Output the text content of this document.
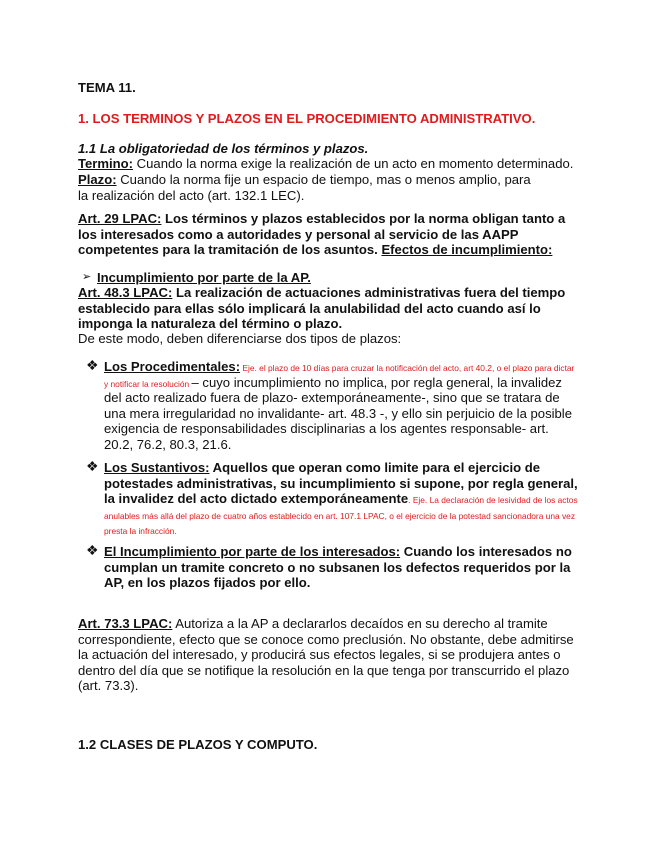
TEMA 11.
1. LOS TERMINOS Y PLAZOS EN EL PROCEDIMIENTO ADMINISTRATIVO.
1.1 La obligatoriedad de los términos y plazos.
Termino: Cuando la norma exige la realización de un acto en momento determinado.
Plazo: Cuando la norma fije un espacio de tiempo, mas o menos amplio, para la realización del acto (art. 132.1 LEC).
Art. 29 LPAC: Los términos y plazos establecidos por la norma obligan tanto a los interesados como a autoridades y personal al servicio de las AAPP competentes para la tramitación de los asuntos. Efectos de incumplimiento:
➢ Incumplimiento por parte de la AP.
Art. 48.3 LPAC: La realización de actuaciones administrativas fuera del tiempo establecido para ellas sólo implicará la anulabilidad del acto cuando así lo imponga la naturaleza del término o plazo.
De este modo, deben diferenciarse dos tipos de plazos:
❖ Los Procedimentales: Eje. el plazo de 10 días para cruzar la notificación del acto, art 40.2, o el plazo para dictar y notificar la resolución – cuyo incumplimiento no implica, por regla general, la invalidez del acto realizado fuera de plazo- extemporáneamente-, sino que se tratara de una mera irregularidad no invalidante- art. 48.3 -, y ello sin perjuicio de la posible exigencia de responsabilidades disciplinarias a los agentes responsable- art. 20.2, 76.2, 80.3, 21.6.
❖ Los Sustantivos: Aquellos que operan como limite para el ejercicio de potestades administrativas, su incumplimiento si supone, por regla general, la invalidez del acto dictado extemporáneamente. Eje. La declaración de lesividad de los actos anulables más allá del plazo de cuatro años establecido en art. 107.1 LPAC, o el ejercicio de la potestad sancionadora una vez presta la infracción.
❖ El Incumplimiento por parte de los interesados: Cuando los interesados no cumplan un tramite concreto o no subsanen los defectos requeridos por la AP, en los plazos fijados por ello.
Art. 73.3 LPAC: Autoriza a la AP a declararlos decaídos en su derecho al tramite correspondiente, efecto que se conoce como preclusión. No obstante, debe admitirse la actuación del interesado, y producirá sus efectos legales, si se produjera antes o dentro del día que se notifique la resolución en la que tenga por transcurrido el plazo (art. 73.3).
1.2 CLASES DE PLAZOS Y COMPUTO.
